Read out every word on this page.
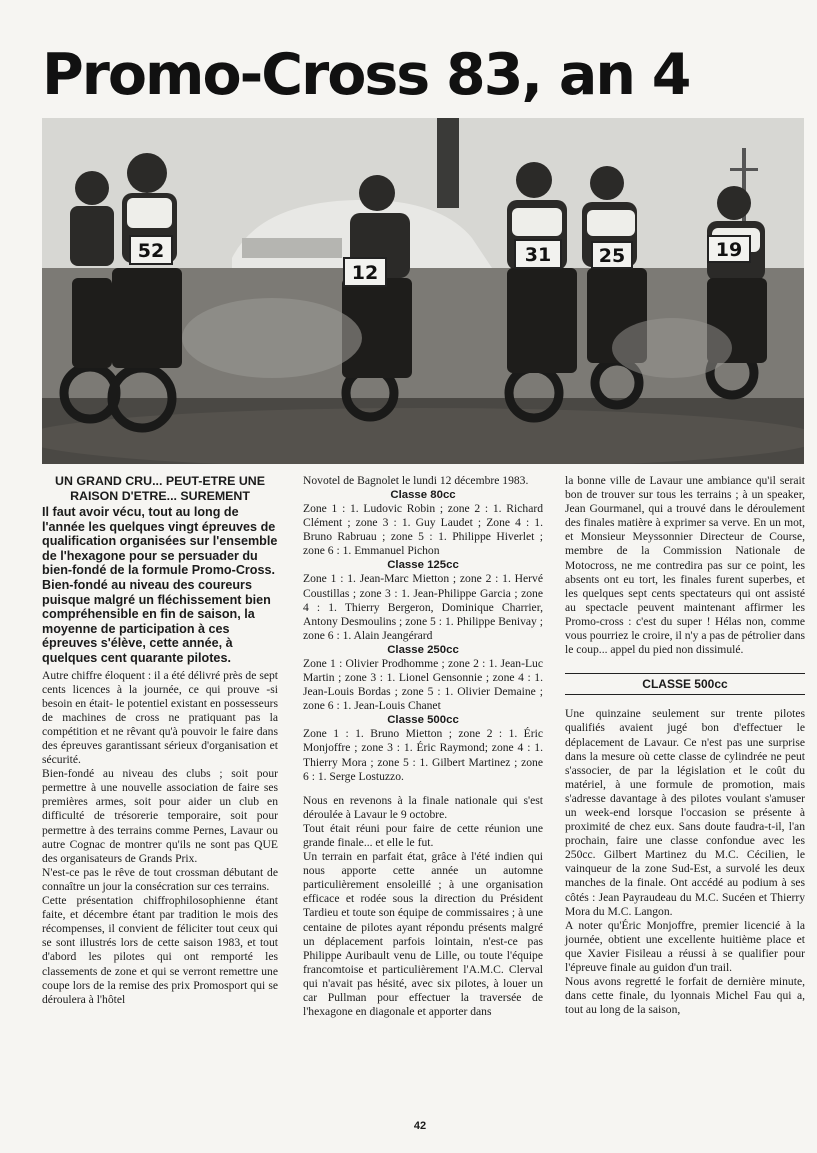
Promo-Cross 83, an 4
52
12
31	25	19
UN GRAND CRU... PEUT-ETRE UNE RAISON D'ETRE... SUREMENT

Il faut avoir vécu, tout au long de l'année les quelques vingt épreuves de qualification organisées sur l'ensemble de l'hexagone pour se persuader du bien-fondé de la formule Promo-Cross.

Bien-fondé au niveau des coureurs puisque malgré un fléchissement bien compréhensible en fin de saison, la moyenne de participation à ces épreuves s'élève, cette année, à quelques cent quarante pilotes.

Autre chiffre éloquent : il a été délivré près de sept cents licences à la journée, ce qui prouve -si besoin en était- le potentiel existant en possesseurs de machines de cross ne pratiquant pas la compétition et ne rêvant qu'à pouvoir le faire dans des épreuves garantissant sérieux d'organisation et sécurité.

Bien-fondé au niveau des clubs ; soit pour permettre à une nouvelle association de faire ses premières armes, soit pour aider un club en difficulté de trésorerie temporaire, soit pour permettre à des terrains comme Pernes, Lavaur ou autre Cognac de montrer qu'ils ne sont pas QUE des organisateurs de Grands Prix.

N'est-ce pas le rêve de tout crossman débutant de connaître un jour la consécration sur ces terrains.

Cette présentation chiffrophilosophienne étant faite, et décembre étant par tradition le mois des récompenses, il convient de féliciter tout ceux qui se sont illustrés lors de cette saison 1983, et tout d'abord les pilotes qui ont remporté les classements de zone et qui se verront remettre une coupe lors de la remise des prix Promosport qui se déroulera à l'hôtel

Novotel de Bagnolet le lundi 12 décembre 1983.

Classe 80cc

Zone 1 : 1. Ludovic Robin ; zone 2 : 1. Richard Clément ; zone 3 : 1. Guy Laudet ; Zone 4 : 1. Bruno Rabruau ; zone 5 : 1. Philippe Hiverlet ; zone 6 : 1. Emmanuel Pichon

Classe 125cc

Zone 1 : 1. Jean-Marc Mietton ; zone 2 : 1. Hervé Coustillas ; zone 3 : 1. Jean-Philippe Garcia ; zone 4 : 1. Thierry Bergeron, Dominique Charrier, Antony Desmoulins ; zone 5 : 1. Philippe Benivay ; zone 6 : 1. Alain Jeangérard

Classe 250cc

Zone 1 : Olivier Prodhomme ; zone 2 : 1. Jean-Luc Martin ; zone 3 : 1. Lionel Gensonnie ; zone 4 : 1. Jean-Louis Bordas ; zone 5 : 1. Olivier Demaine ; zone 6 : 1. Jean-Louis Chanet

Classe 500cc

Zone 1 : 1. Bruno Mietton ; zone 2 : 1. Éric Monjoffre ; zone 3 : 1. Éric Raymond; zone 4 : 1. Thierry Mora ; zone 5 : 1. Gilbert Martinez ; zone 6 : 1. Serge Lostuzzo.

Nous en revenons à la finale nationale qui s'est déroulée à Lavaur le 9 octobre.

Tout était réuni pour faire de cette réunion une grande finale... et elle le fut.

Un terrain en parfait état, grâce à l'été indien qui nous apporte cette année un automne particulièrement ensoleillé ; à une organisation efficace et rodée sous la direction du Président Tardieu et toute son équipe de commissaires ; à une centaine de pilotes ayant répondu présents malgré un déplacement parfois lointain, n'est-ce pas Philippe Auribault venu de Lille, ou toute l'équipe francomtoise et particulièrement l'A.M.C. Clerval qui n'avait pas hésité, avec six pilotes, à louer un car Pullman pour effectuer la traversée de l'hexagone en diagonale et apporter dans

la bonne ville de Lavaur une ambiance qu'il serait bon de trouver sur tous les terrains ; à un speaker, Jean Gourmanel, qui a trouvé dans le déroulement des finales matière à exprimer sa verve. En un mot, et Monsieur Meyssonnier Directeur de Course, membre de la Commission Nationale de Motocross, ne me contredira pas sur ce point, les absents ont eu tort, les finales furent superbes, et les quelques sept cents spectateurs qui ont assisté au spectacle peuvent maintenant affirmer les Promo-cross : c'est du super ! Hélas non, comme vous pourriez le croire, il n'y a pas de pétrolier dans le coup... appel du pied non dissimulé.

CLASSE 500cc

Une quinzaine seulement sur trente pilotes qualifiés avaient jugé bon d'effectuer le déplacement de Lavaur. Ce n'est pas une surprise dans la mesure où cette classe de cylindrée ne peut s'associer, de par la législation et le coût du matériel, à une formule de promotion, mais s'adresse davantage à des pilotes voulant s'amuser un week-end lorsque l'occasion se présente à proximité de chez eux. Sans doute faudra-t-il, l'an prochain, faire une classe confondue avec les 250cc. Gilbert Martinez du M.C. Cécilien, le vainqueur de la zone Sud-Est, a survolé les deux manches de la finale. Ont accédé au podium à ses côtés : Jean Payraudeau du M.C. Sucéen et Thierry Mora du M.C. Langon.

A noter qu'Éric Monjoffre, premier licencié à la journée, obtient une excellente huitième place et que Xavier Fisileau a réussi à se qualifier pour l'épreuve finale au guidon d'un trail.

Nous avons regretté le forfait de dernière minute, dans cette finale, du lyonnais Michel Fau qui a, tout au long de la saison,

42
